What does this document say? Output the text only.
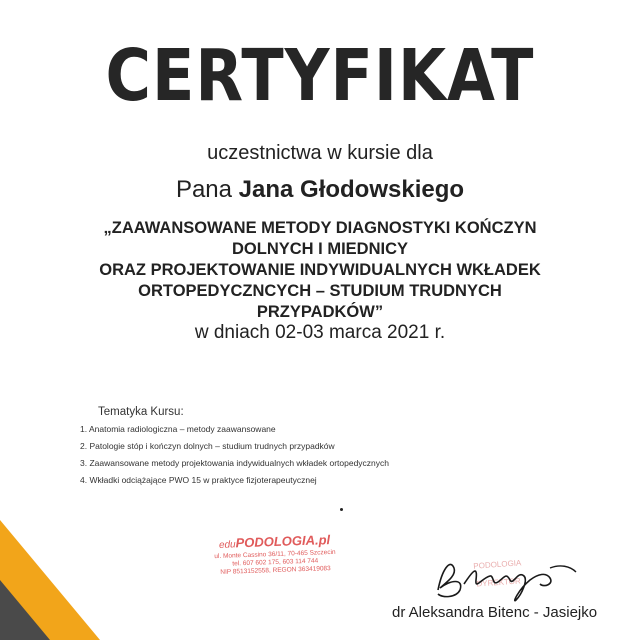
CERTYFIKAT
uczestnictwa w kursie dla
Pana Jana Głodowskiego
„ZAAWANSOWANE METODY DIAGNOSTYKI KOŃCZYN
DOLNYCH I MIEDNICY
ORAZ PROJEKTOWANIE INDYWIDUALNYCH WKŁADEK
ORTOPEDYCZNCYCH – STUDIUM TRUDNYCH
PRZYPADKÓW”
w dniach 02-03 marca 2021 r.
Tematyka Kursu:
1. Anatomia radiologiczna – metody zaawansowane
2. Patologie stóp i kończyn dolnych – studium trudnych przypadków
3. Zaawansowane metody projektowania indywidualnych wkładek ortopedycznych
4. Wkładki odciążające PWO 15 w praktyce fizjoterapeutycznej
eduPODOLOGIA.pl
ul. Monte Cassino 36/11, 70-465 Szczecin
tel. 607 602 175, 603 114 744
NIP 8513152558, REGON 363419083	PODOLOGIA
DYREKTOR
dr Aleksandra Bitenc - Jasiejko
